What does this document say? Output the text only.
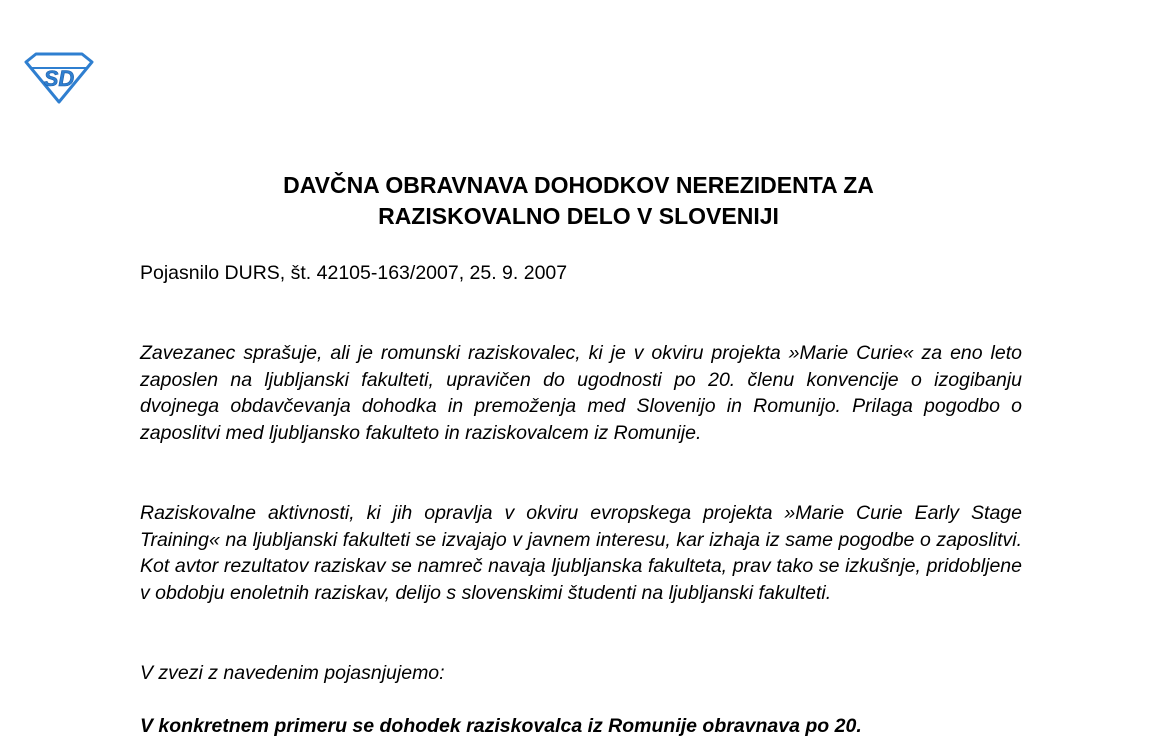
SD
DAVČNA OBRAVNAVA DOHODKOV NEREZIDENTA ZA
RAZISKOVALNO DELO V SLOVENIJI

Pojasnilo DURS, št. 42105-163/2007, 25. 9. 2007

Zavezanec sprašuje, ali je romunski raziskovalec, ki je v okviru projekta »Marie Curie« za eno leto zaposlen na ljubljanski fakulteti, upravičen do ugodnosti po 20. členu konvencije o izogibanju dvojnega obdavčevanja dohodka in premoženja med Slovenijo in Romunijo. Prilaga pogodbo o zaposlitvi med ljubljansko fakulteto in raziskovalcem iz Romunije.

Raziskovalne aktivnosti, ki jih opravlja v okviru evropskega projekta »Marie Curie Early Stage Training« na ljubljanski fakulteti se izvajajo v javnem interesu, kar izhaja iz same pogodbe o zaposlitvi. Kot avtor rezultatov raziskav se namreč navaja ljubljanska fakulteta, prav tako se izkušnje, pridobljene v obdobju enoletnih raziskav, delijo s slovenskimi študenti na ljubljanski fakulteti.

V zvezi z navedenim pojasnjujemo:

V konkretnem primeru se dohodek raziskovalca iz Romunije obravnava po 20.
